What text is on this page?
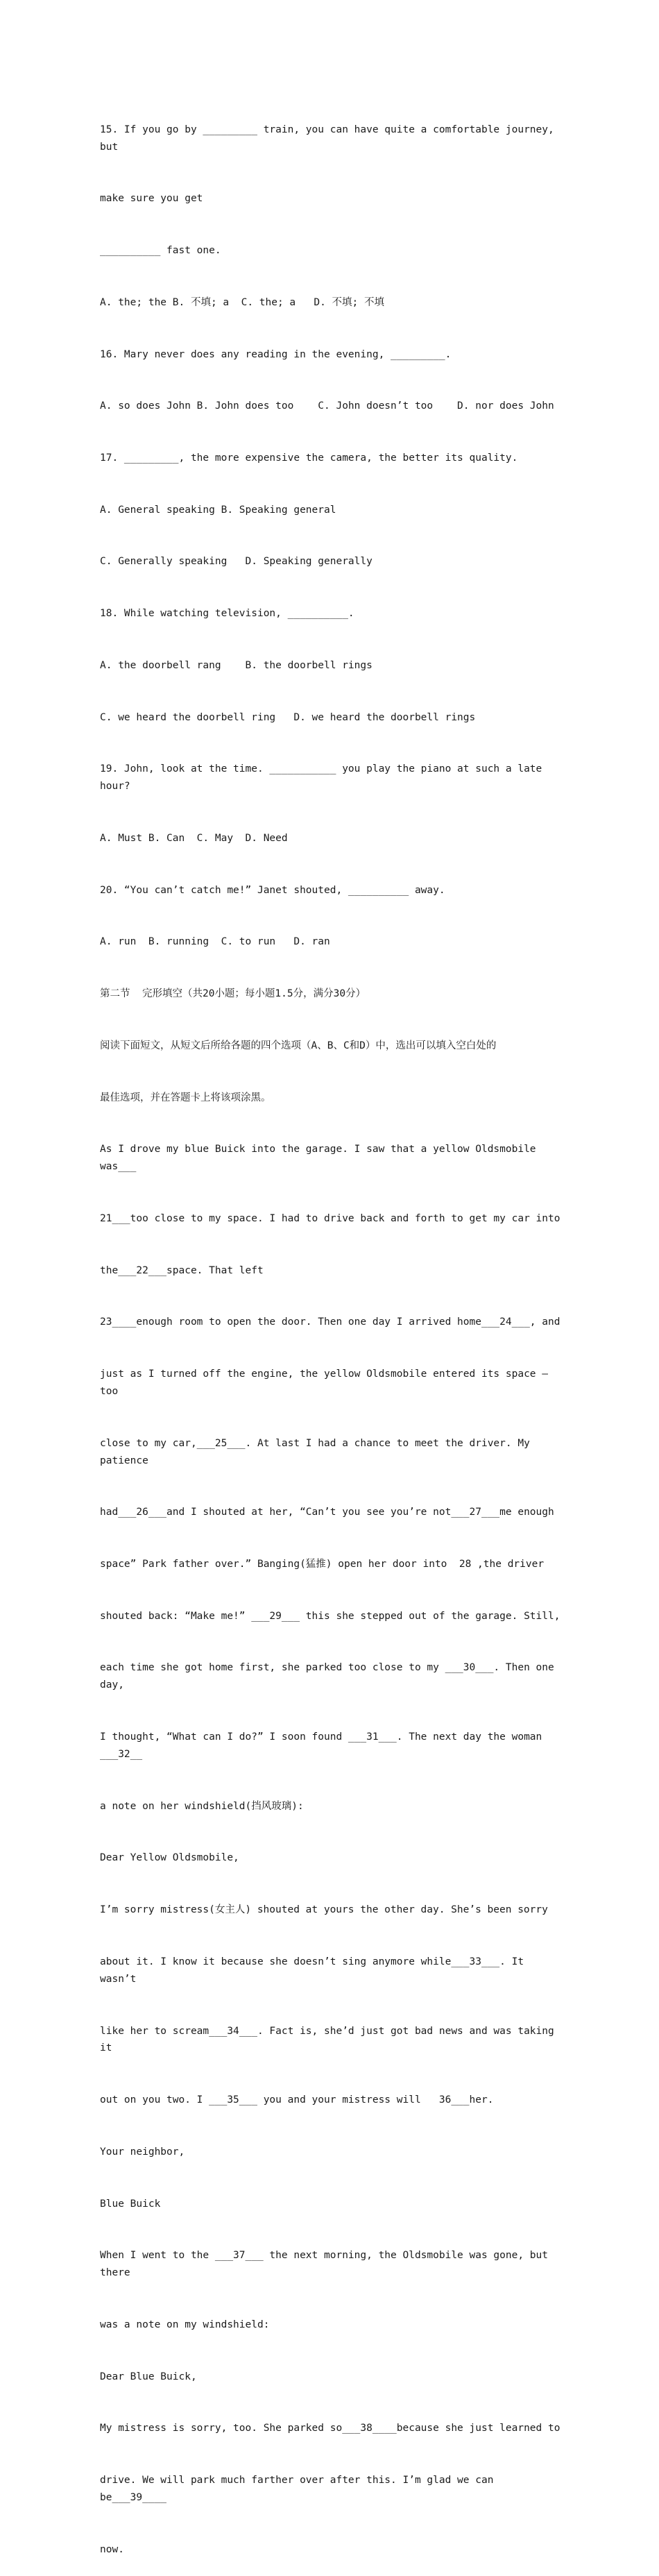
15. If you go by _________ train, you can have quite a comfortable journey, but

make sure you get

__________ fast one.

A. the; the B. 不填; a  C. the; a   D. 不填; 不填

16. Mary never does any reading in the evening, _________.

A. so does John B. John does too    C. John doesn’t too    D. nor does John

17. _________, the more expensive the camera, the better its quality.

A. General speaking B. Speaking general

C. Generally speaking   D. Speaking generally

18. While watching television, __________.

A. the doorbell rang    B. the doorbell rings

C. we heard the doorbell ring   D. we heard the doorbell rings

19. John, look at the time. ___________ you play the piano at such a late hour?

A. Must B. Can  C. May  D. Need

20. “You can’t catch me!” Janet shouted, __________ away.

A. run  B. running  C. to run   D. ran

第二节  完形填空（共20小题；每小题1.5分，满分30分）

阅读下面短文，从短文后所给各题的四个选项（A、B、C和D）中，选出可以填入空白处的

最佳选项，并在答题卡上将该项涂黑。

As I drove my blue Buick into the garage. I saw that a yellow Oldsmobile was___

21___too close to my space. I had to drive back and forth to get my car into

the___22___space. That left

23____enough room to open the door. Then one day I arrived home___24___, and

just as I turned off the engine, the yellow Oldsmobile entered its space — too

close to my car,___25___. At last I had a chance to meet the driver. My patience

had___26___and I shouted at her, “Can’t you see you’re not___27___me enough

space” Park father over.” Banging(猛推) open her door into  28 ,the driver

shouted back: “Make me!” ___29___ this she stepped out of the garage. Still,

each time she got home first, she parked too close to my ___30___. Then one day,

I thought, “What can I do?” I soon found ___31___. The next day the woman ___32__

a note on her windshield(挡风玻璃):

Dear Yellow Oldsmobile,

I’m sorry mistress(女主人) shouted at yours the other day. She’s been sorry

about it. I know it because she doesn’t sing anymore while___33___. It wasn’t

like her to scream___34___. Fact is, she’d just got bad news and was taking it

out on you two. I ___35___ you and your mistress will   36___her.

Your neighbor,

Blue Buick

When I went to the ___37___ the next morning, the Oldsmobile was gone, but there

was a note on my windshield:

Dear Blue Buick,

My mistress is sorry, too. She parked so___38____because she just learned to

drive. We will park much farther over after this. I’m glad we can be___39____

now.
